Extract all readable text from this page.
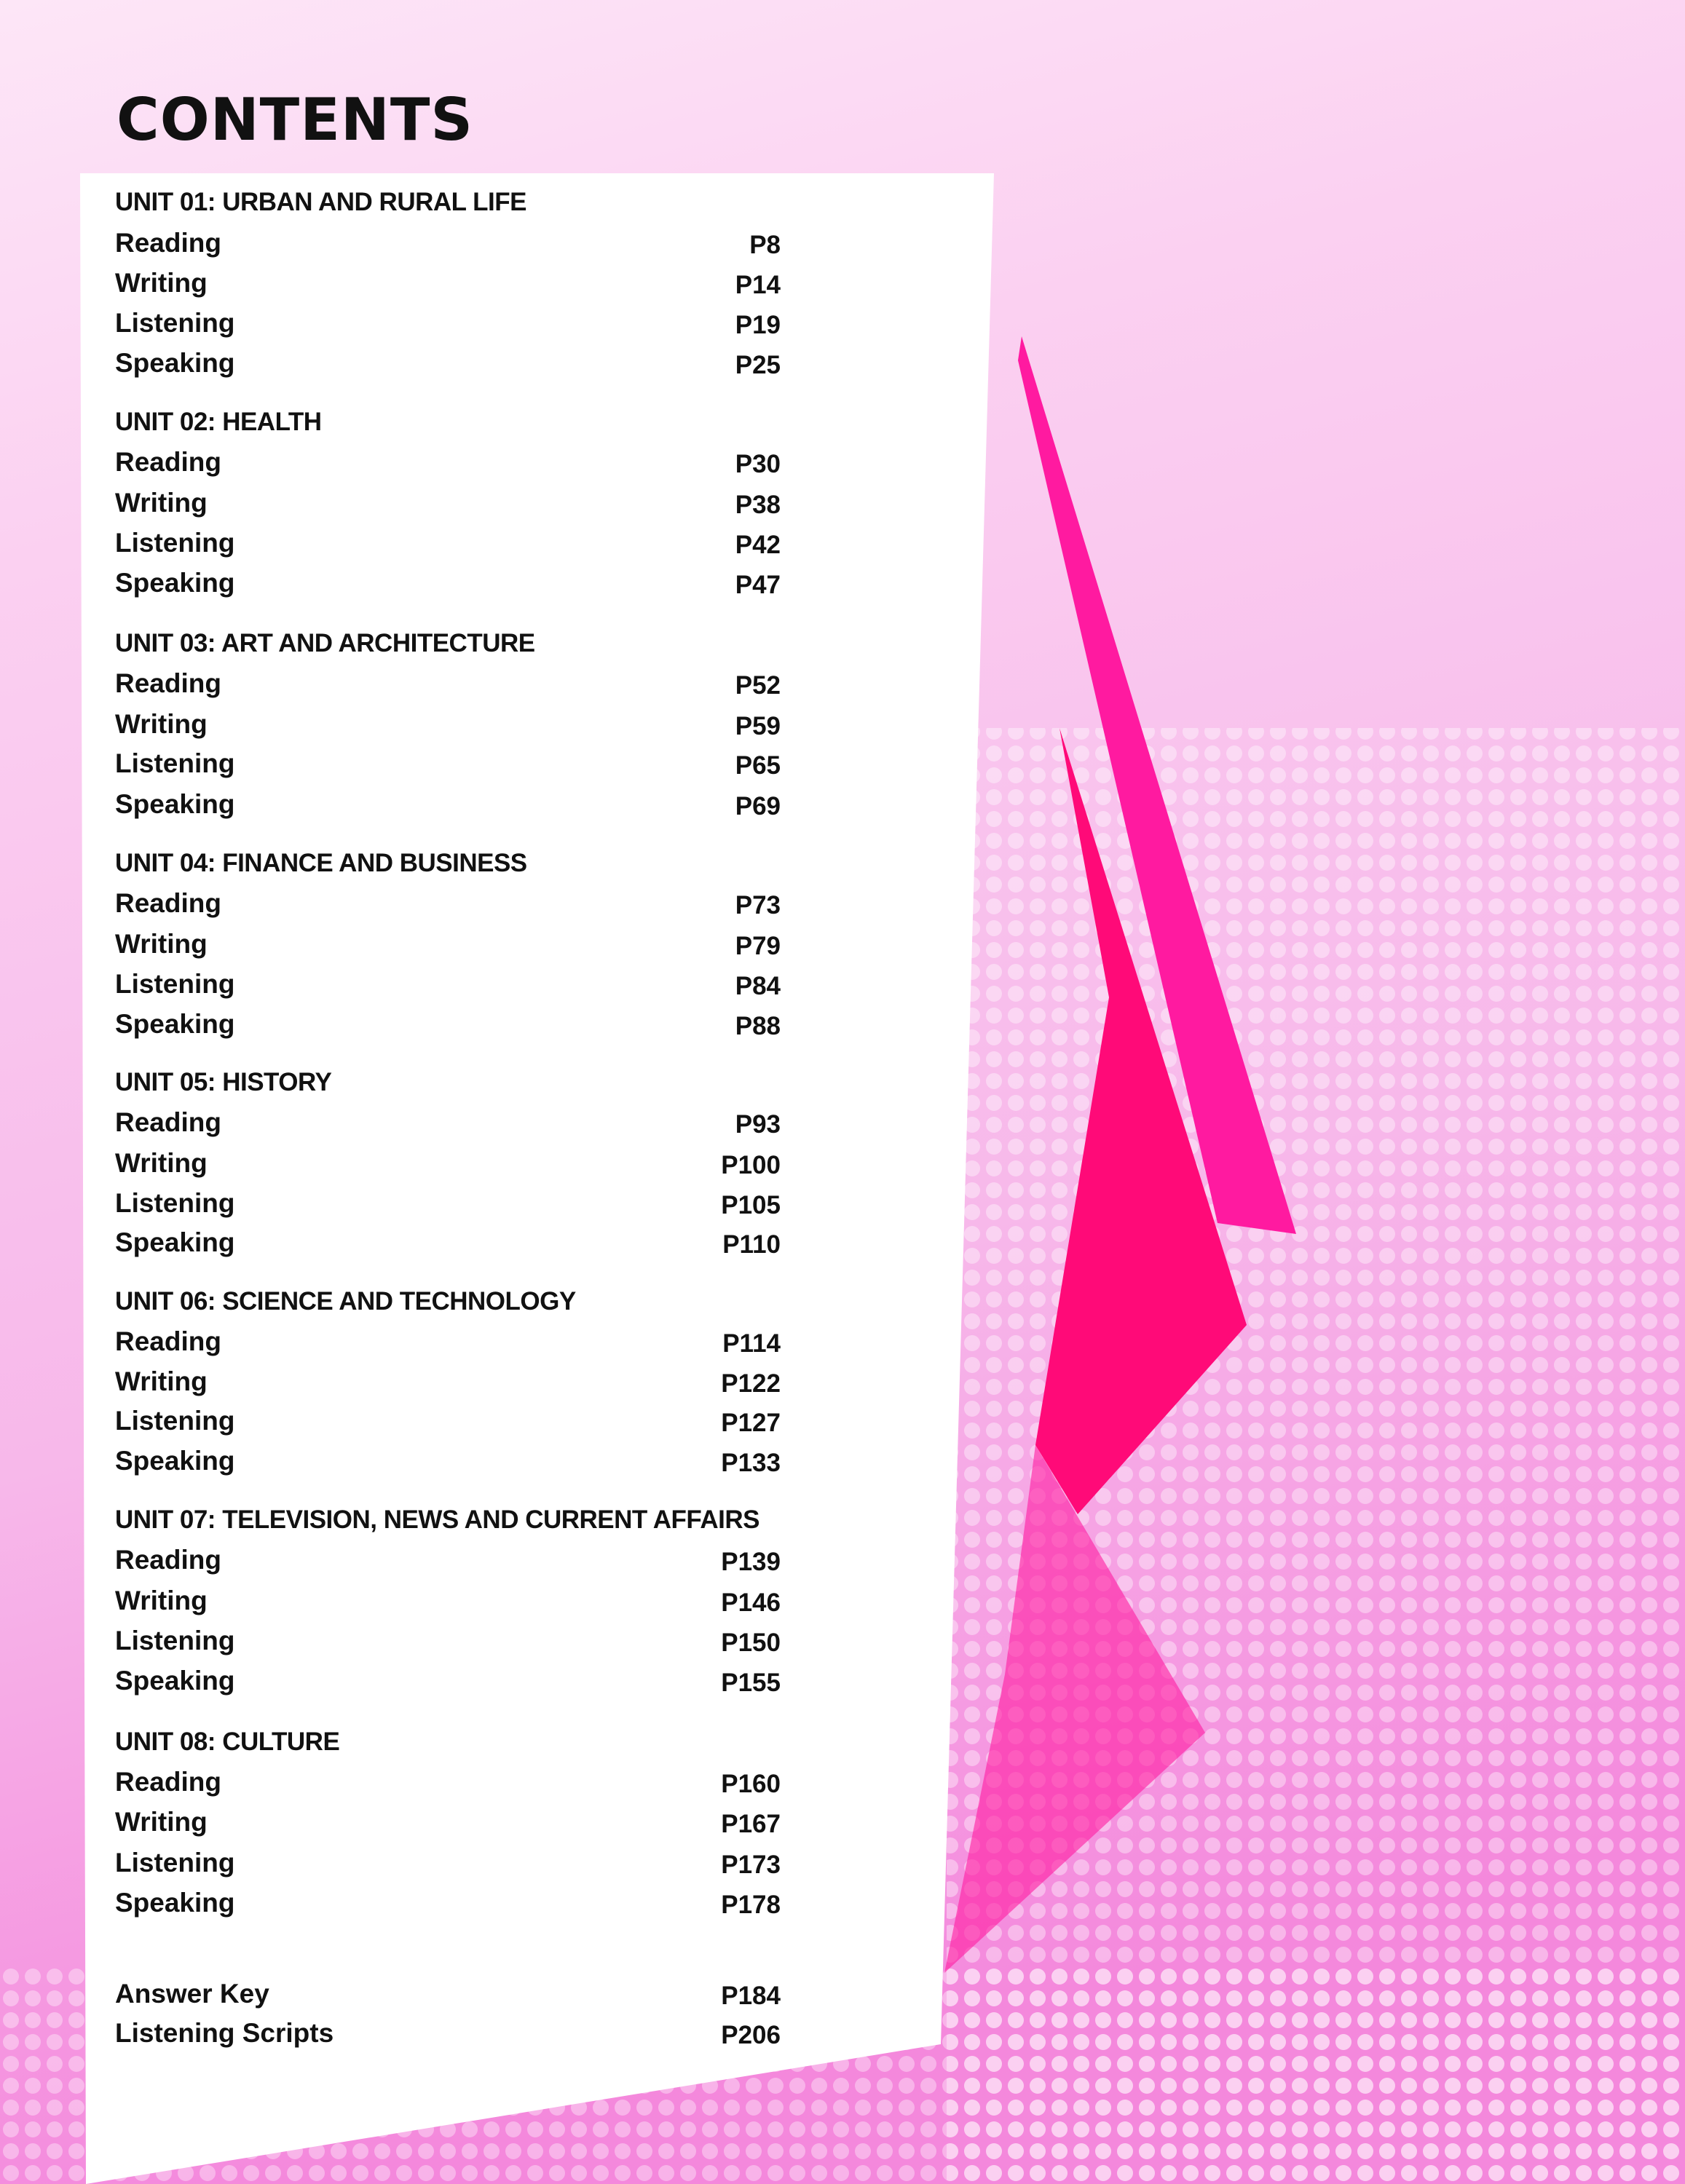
CONTENTS
UNIT 01: URBAN AND RURAL LIFE
Reading	P8
Writing	P14
Listening	P19
Speaking	P25
UNIT 02: HEALTH
Reading	P30
Writing	P38
Listening	P42
Speaking	P47
UNIT 03: ART AND ARCHITECTURE
Reading	P52
Writing	P59
Listening	P65
Speaking	P69
UNIT 04: FINANCE AND BUSINESS
Reading	P73
Writing	P79
Listening	P84
Speaking	P88
UNIT 05: HISTORY
Reading	P93
Writing	P100
Listening	P105
Speaking	P110
UNIT 06: SCIENCE AND TECHNOLOGY
Reading	P114
Writing	P122
Listening	P127
Speaking	P133
UNIT 07: TELEVISION, NEWS AND CURRENT AFFAIRS
Reading	P139
Writing	P146
Listening	P150
Speaking	P155
UNIT 08: CULTURE
Reading	P160
Writing	P167
Listening	P173
Speaking	P178
Answer Key	P184
Listening Scripts	P206
